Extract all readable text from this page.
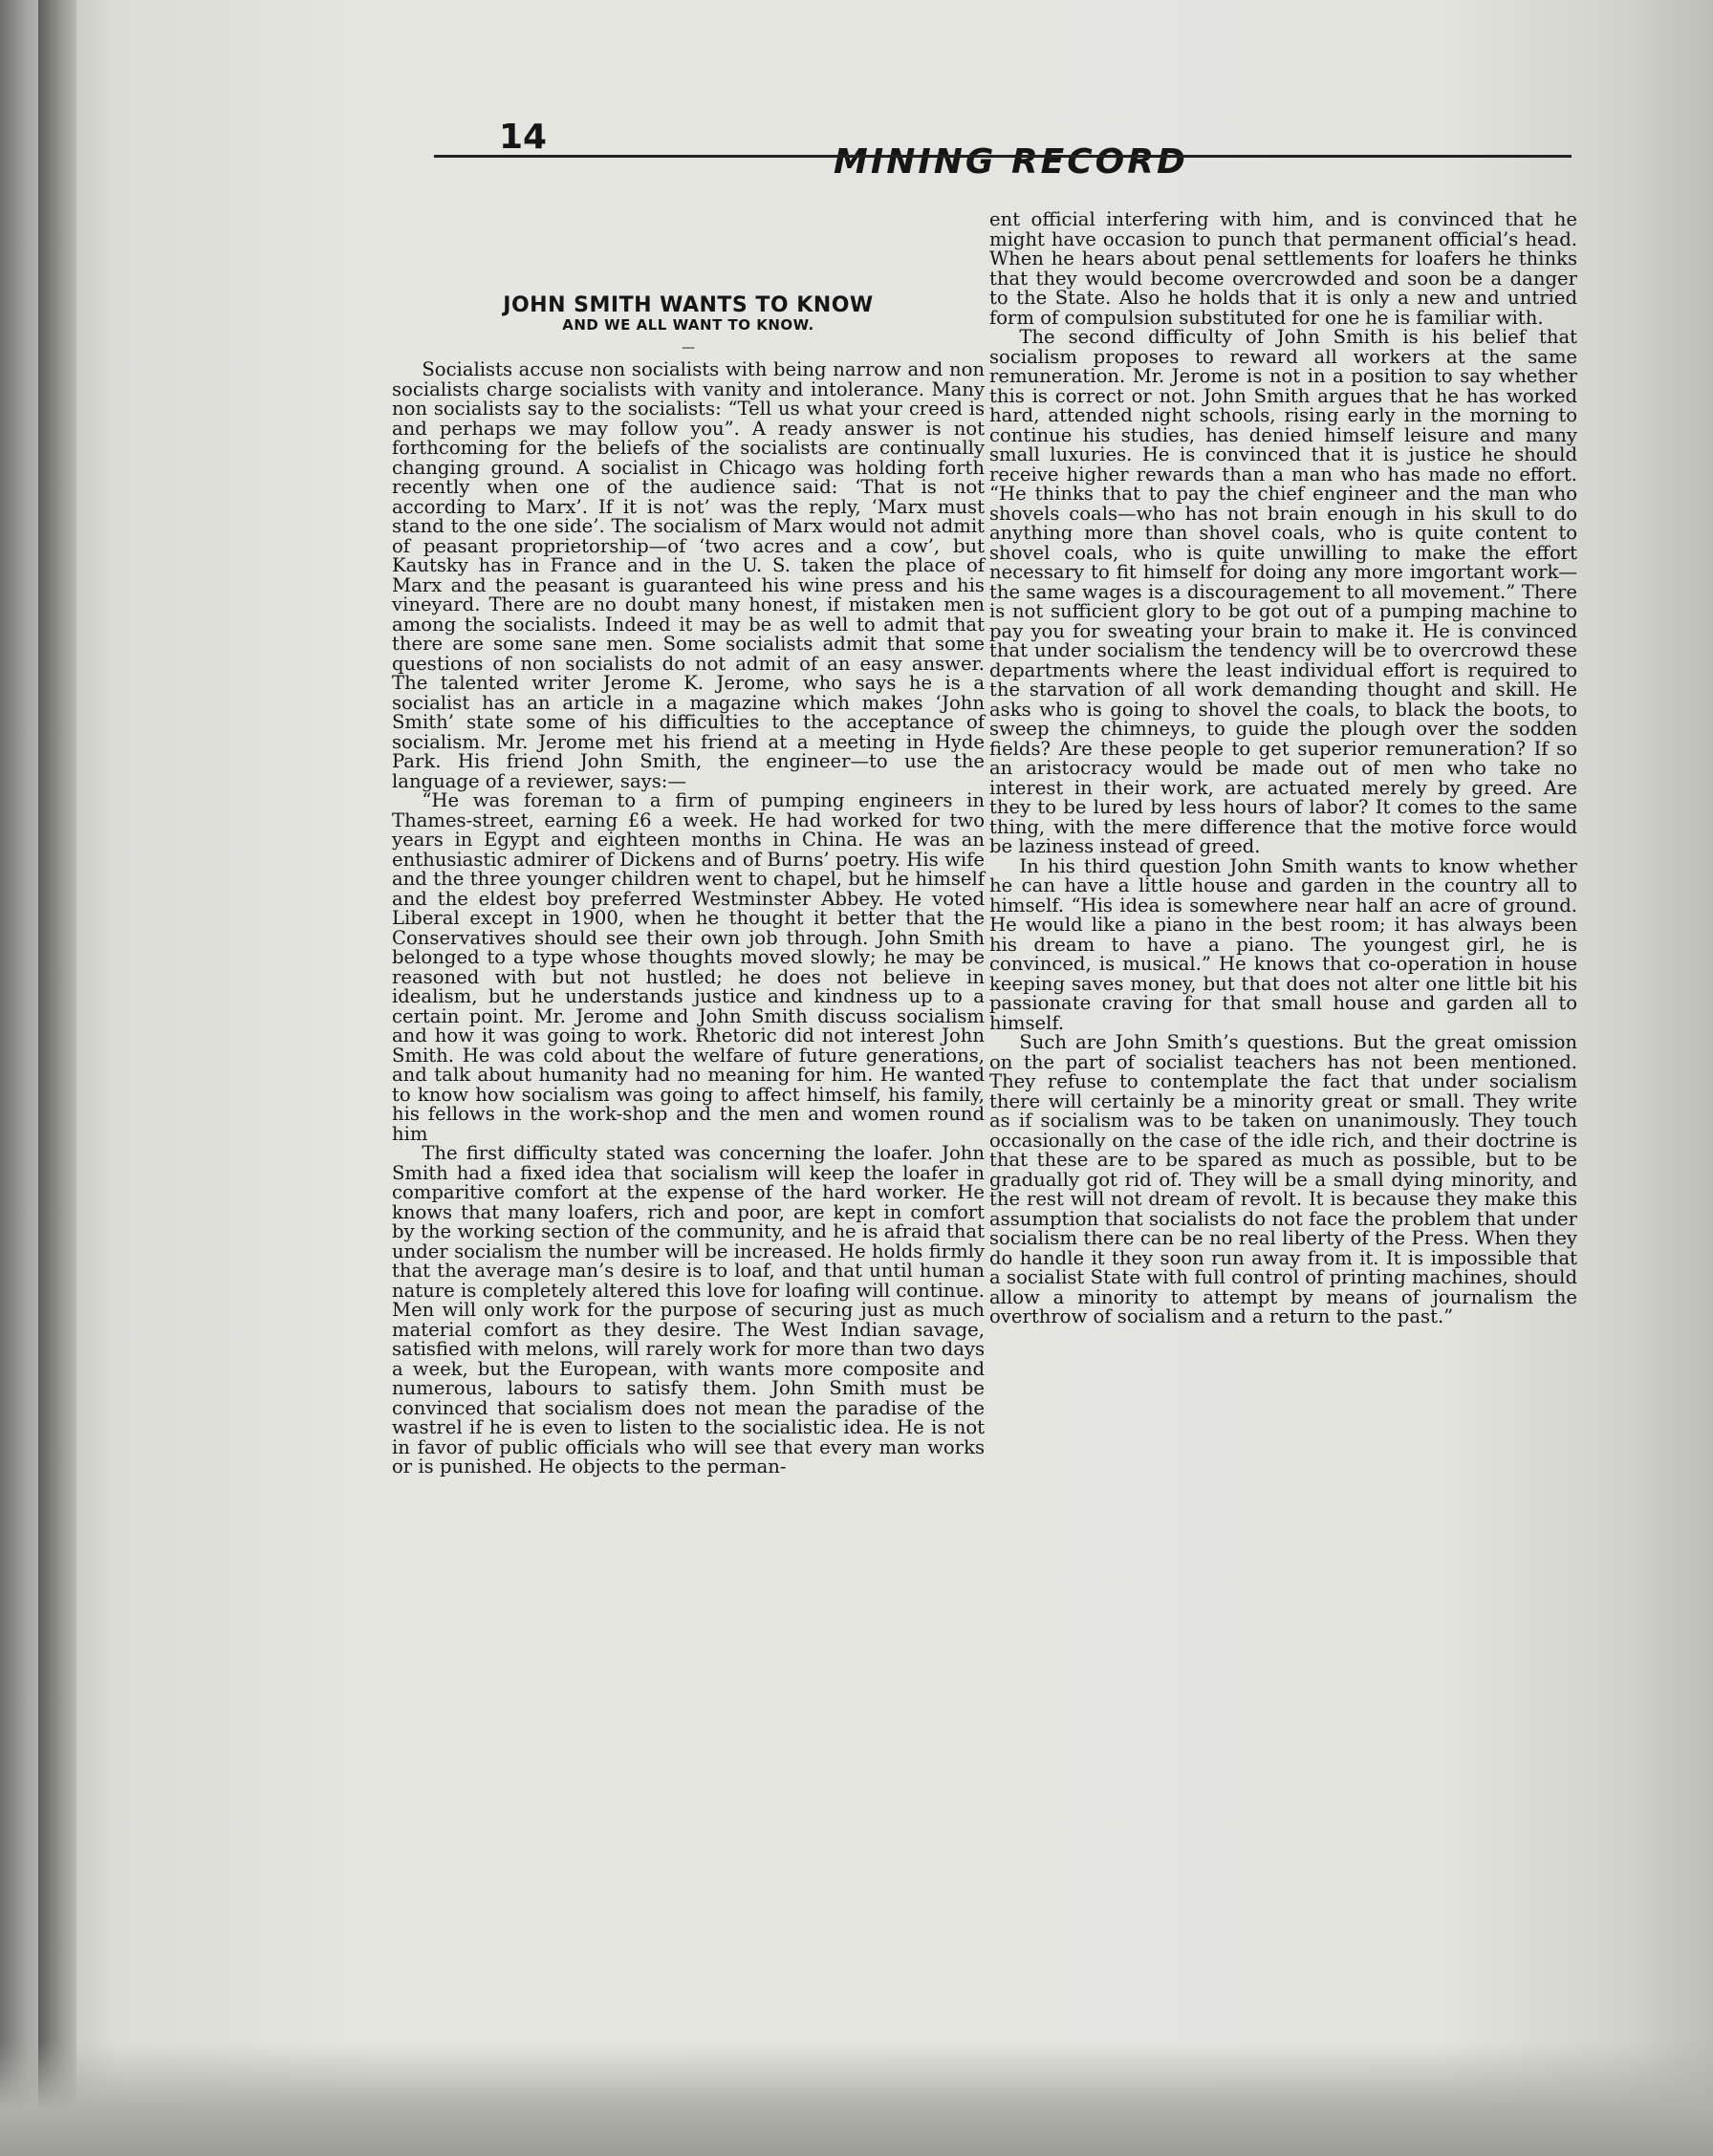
14
MINING RECORD
JOHN SMITH WANTS TO KNOW
AND WE ALL WANT TO KNOW.
—

Socialists accuse non socialists with being narrow and non socialists charge socialists with vanity and intolerance. Many non socialists say to the socialists: “Tell us what your creed is and perhaps we may follow you”. A ready answer is not forthcoming for the beliefs of the socialists are continually changing ground. A socialist in Chicago was holding forth recently when one of the audience said: ‘That is not according to Marx’. If it is not’ was the reply, ‘Marx must stand to the one side’. The socialism of Marx would not admit of peasant proprietorship—of ‘two acres and a cow’, but Kautsky has in France and in the U. S. taken the place of Marx and the peasant is guaranteed his wine press and his vineyard. There are no doubt many honest, if mistaken men among the socialists. Indeed it may be as well to admit that there are some sane men. Some socialists admit that some questions of non socialists do not admit of an easy answer. The talented writer Jerome K. Jerome, who says he is a socialist has an article in a magazine which makes ‘John Smith’ state some of his difficulties to the acceptance of socialism. Mr. Jerome met his friend at a meeting in Hyde Park. His friend John Smith, the engineer—to use the language of a reviewer, says:—

“He was foreman to a firm of pumping engineers in Thames-street, earning £6 a week. He had worked for two years in Egypt and eighteen months in China. He was an enthusiastic admirer of Dickens and of Burns’ poetry. His wife and the three younger children went to chapel, but he himself and the eldest boy preferred Westminster Abbey. He voted Liberal except in 1900, when he thought it better that the Conservatives should see their own job through. John Smith belonged to a type whose thoughts moved slowly; he may be reasoned with but not hustled; he does not believe in idealism, but he understands justice and kindness up to a certain point. Mr. Jerome and John Smith discuss socialism and how it was going to work. Rhetoric did not interest John Smith. He was cold about the welfare of future generations, and talk about humanity had no meaning for him. He wanted to know how socialism was going to affect himself, his family, his fellows in the work-shop and the men and women round him

The first difficulty stated was concerning the loafer. John Smith had a fixed idea that socialism will keep the loafer in comparitive comfort at the expense of the hard worker. He knows that many loafers, rich and poor, are kept in comfort by the working section of the community, and he is afraid that under socialism the number will be increased. He holds firmly that the average man’s desire is to loaf, and that until human nature is completely altered this love for loafing will continue. Men will only work for the purpose of securing just as much material comfort as they desire. The West Indian savage, satisfied with melons, will rarely work for more than two days a week, but the European, with wants more composite and numerous, labours to satisfy them. John Smith must be convinced that socialism does not mean the paradise of the wastrel if he is even to listen to the socialistic idea. He is not in favor of public officials who will see that every man works or is punished. He objects to the perman-

ent official interfering with him, and is convinced that he might have occasion to punch that permanent official’s head. When he hears about penal settlements for loafers he thinks that they would become overcrowded and soon be a danger to the State. Also he holds that it is only a new and untried form of compulsion substituted for one he is familiar with.

The second difficulty of John Smith is his belief that socialism proposes to reward all workers at the same remuneration. Mr. Jerome is not in a position to say whether this is correct or not. John Smith argues that he has worked hard, attended night schools, rising early in the morning to continue his studies, has denied himself leisure and many small luxuries. He is convinced that it is justice he should receive higher rewards than a man who has made no effort. “He thinks that to pay the chief engineer and the man who shovels coals—who has not brain enough in his skull to do anything more than shovel coals, who is quite content to shovel coals, who is quite unwilling to make the effort necessary to fit himself for doing any more imgortant work—the same wages is a discouragement to all movement.” There is not sufficient glory to be got out of a pumping machine to pay you for sweating your brain to make it. He is convinced that under socialism the tendency will be to overcrowd these departments where the least individual effort is required to the starvation of all work demanding thought and skill. He asks who is going to shovel the coals, to black the boots, to sweep the chimneys, to guide the plough over the sodden fields? Are these people to get superior remuneration? If so an aristocracy would be made out of men who take no interest in their work, are actuated merely by greed. Are they to be lured by less hours of labor? It comes to the same thing, with the mere difference that the motive force would be laziness instead of greed.

In his third question John Smith wants to know whether he can have a little house and garden in the country all to himself. “His idea is somewhere near half an acre of ground. He would like a piano in the best room; it has always been his dream to have a piano. The youngest girl, he is convinced, is musical.” He knows that co-operation in house keeping saves money, but that does not alter one little bit his passionate craving for that small house and garden all to himself.

Such are John Smith’s questions. But the great omission on the part of socialist teachers has not been mentioned. They refuse to contemplate the fact that under socialism there will certainly be a minority great or small. They write as if socialism was to be taken on unanimously. They touch occasionally on the case of the idle rich, and their doctrine is that these are to be spared as much as possible, but to be gradually got rid of. They will be a small dying minority, and the rest will not dream of revolt. It is because they make this assumption that socialists do not face the problem that under socialism there can be no real liberty of the Press. When they do handle it they soon run away from it. It is impossible that a socialist State with full control of printing machines, should allow a minority to attempt by means of journalism the overthrow of socialism and a return to the past.”
